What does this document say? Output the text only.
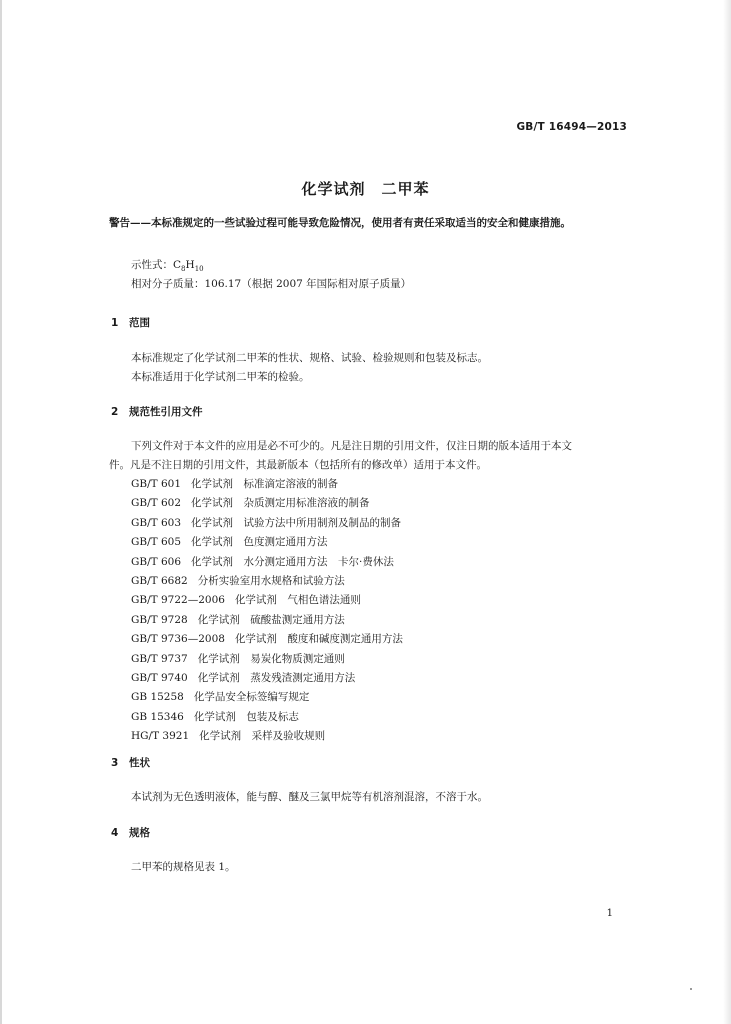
GB/T 16494—2013
化学试剂 二甲苯
警告——本标准规定的一些试验过程可能导致危险情况，使用者有责任采取适当的安全和健康措施。
示性式：$C_8H_{10}$
相对分子质量：106.17（根据 2007 年国际相对原子质量）
1 范围
本标准规定了化学试剂二甲苯的性状、规格、试验、检验规则和包装及标志。
本标准适用于化学试剂二甲苯的检验。
2 规范性引用文件
下列文件对于本文件的应用是必不可少的。凡是注日期的引用文件，仅注日期的版本适用于本文
件。凡是不注日期的引用文件，其最新版本（包括所有的修改单）适用于本文件。
GB/T 601 化学试剂　标准滴定溶液的制备
GB/T 602 化学试剂　杂质测定用标准溶液的制备
GB/T 603 化学试剂　试验方法中所用制剂及制品的制备
GB/T 605 化学试剂　色度测定通用方法
GB/T 606 化学试剂　水分测定通用方法　卡尔·费休法
GB/T 6682 分析实验室用水规格和试验方法
GB/T 9722—2006 化学试剂　气相色谱法通则
GB/T 9728 化学试剂　硫酸盐测定通用方法
GB/T 9736—2008 化学试剂　酸度和碱度测定通用方法
GB/T 9737 化学试剂　易炭化物质测定通则
GB/T 9740 化学试剂　蒸发残渣测定通用方法
GB 15258 化学品安全标签编写规定
GB 15346 化学试剂　包装及标志
HG/T 3921 化学试剂　采样及验收规则
3 性状
本试剂为无色透明液体，能与醇、醚及三氯甲烷等有机溶剂混溶，不溶于水。
4 规格
二甲苯的规格见表 1。
1
